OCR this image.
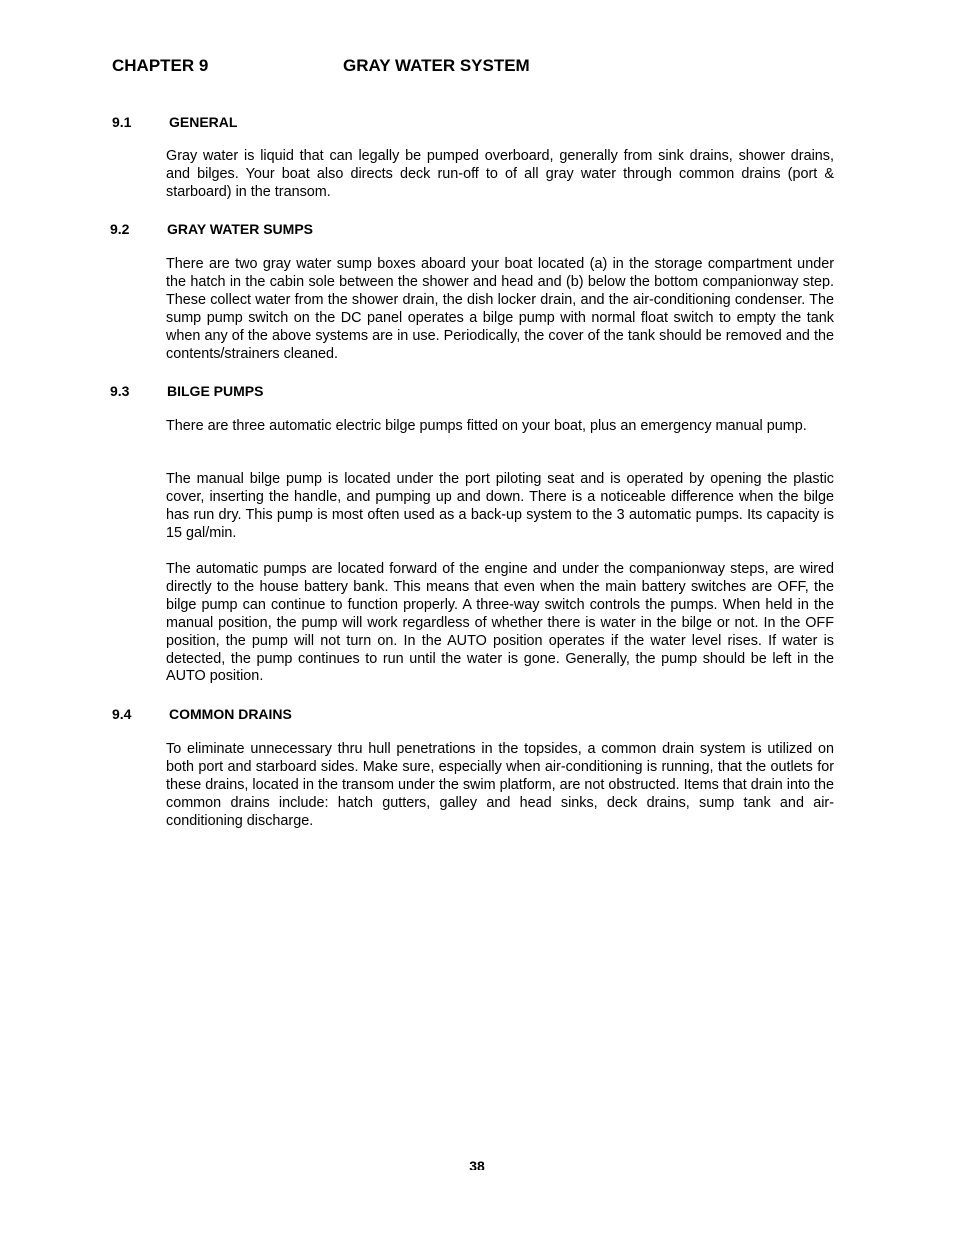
CHAPTER 9	GRAY WATER SYSTEM
9.1	GENERAL

Gray water is liquid that can legally be pumped overboard, generally from sink drains, shower drains, and bilges. Your boat also directs deck run-off to of all gray water through common drains (port & starboard) in the transom.

9.2	GRAY WATER SUMPS

There are two gray water sump boxes aboard your boat located (a) in the storage compartment under the hatch in the cabin sole between the shower and head and (b) below the bottom companionway step. These collect water from the shower drain, the dish locker drain, and the air-conditioning condenser. The sump pump switch on the DC panel operates a bilge pump with normal float switch to empty the tank when any of the above systems are in use. Periodically, the cover of the tank should be removed and the contents/strainers cleaned.

9.3	BILGE PUMPS

There are three automatic electric bilge pumps fitted on your boat, plus an emergency manual pump.

The manual bilge pump is located under the port piloting seat and is operated by opening the plastic cover, inserting the handle, and pumping up and down. There is a noticeable difference when the bilge has run dry. This pump is most often used as a back-up system to the 3 automatic pumps. Its capacity is 15 gal/min.

The automatic pumps are located forward of the engine and under the companionway steps, are wired directly to the house battery bank. This means that even when the main battery switches are OFF, the bilge pump can continue to function properly. A three-way switch controls the pumps. When held in the manual position, the pump will work regardless of whether there is water in the bilge or not. In the OFF position, the pump will not turn on. In the AUTO position operates if the water level rises. If water is detected, the pump continues to run until the water is gone. Generally, the pump should be left in the AUTO position.

9.4	COMMON DRAINS

To eliminate unnecessary thru hull penetrations in the topsides, a common drain system is utilized on both port and starboard sides. Make sure, especially when air-conditioning is running, that the outlets for these drains, located in the transom under the swim platform, are not obstructed. Items that drain into the common drains include: hatch gutters, galley and head sinks, deck drains, sump tank and air-conditioning discharge.

38
